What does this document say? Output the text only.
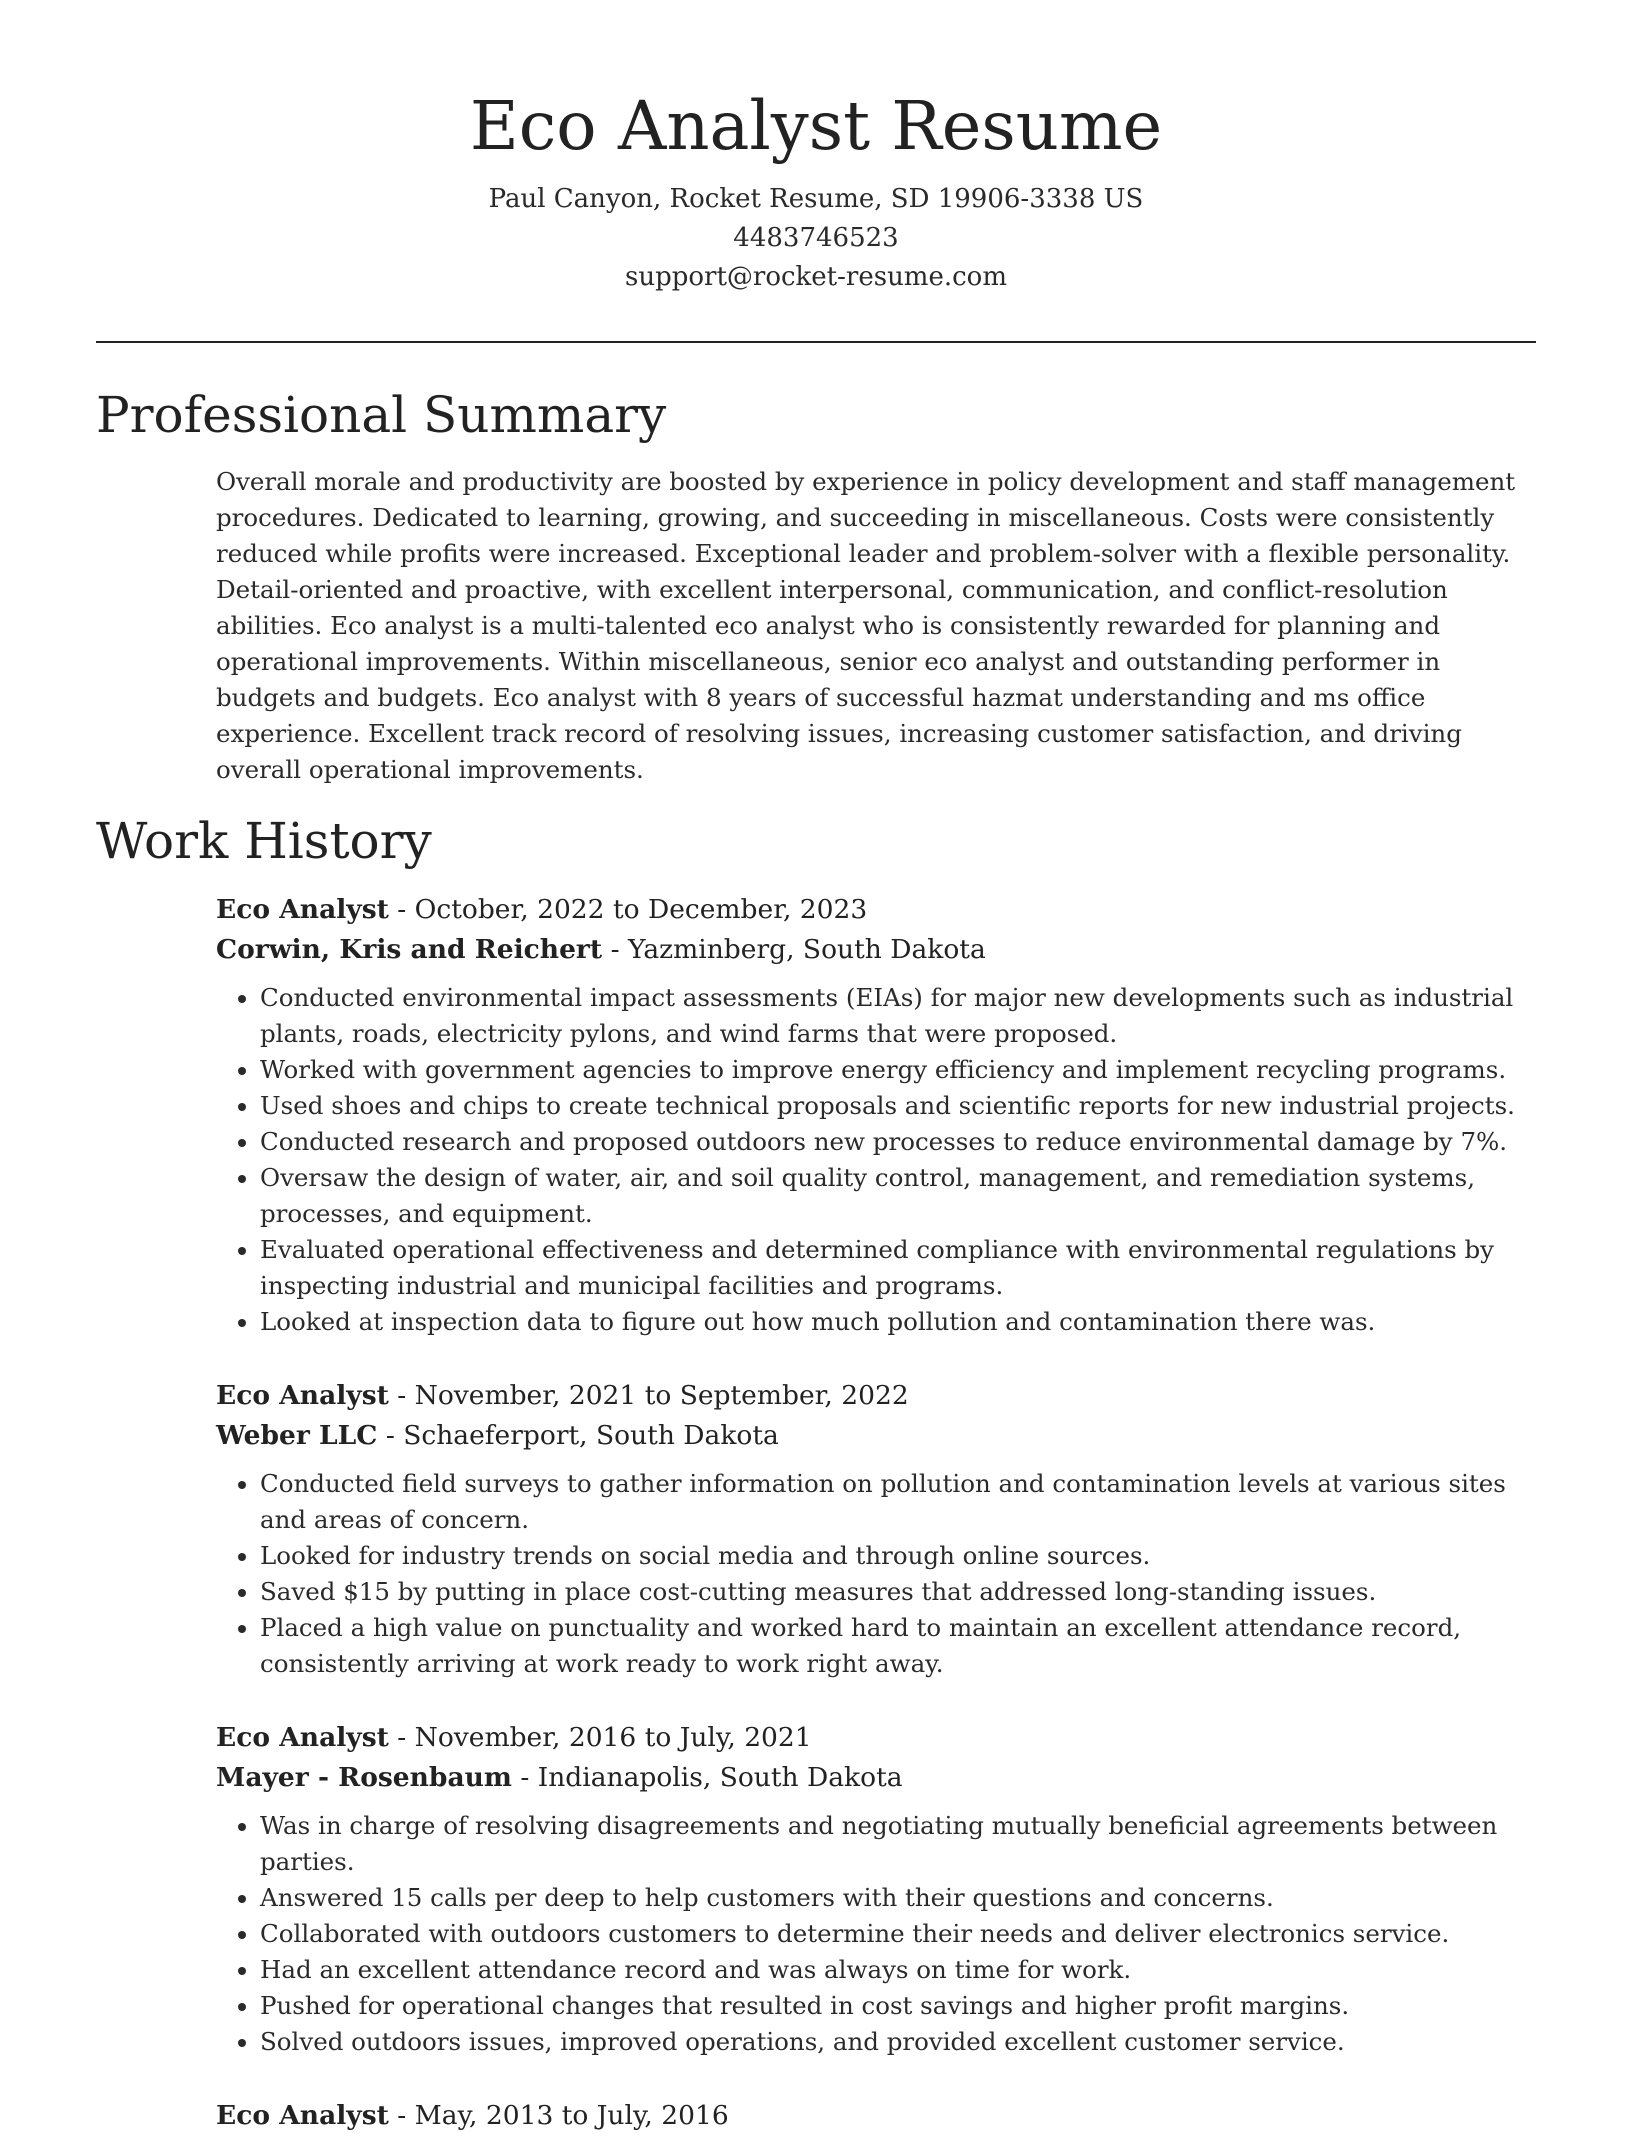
Eco Analyst Resume
Paul Canyon, Rocket Resume, SD 19906-3338 US
4483746523
support@rocket-resume.com
Professional Summary

Overall morale and productivity are boosted by experience in policy development and staff management procedures. Dedicated to learning, growing, and succeeding in miscellaneous. Costs were consistently reduced while profits were increased. Exceptional leader and problem-solver with a flexible personality. Detail-oriented and proactive, with excellent interpersonal, communication, and conflict-resolution abilities. Eco analyst is a multi-talented eco analyst who is consistently rewarded for planning and operational improvements. Within miscellaneous, senior eco analyst and outstanding performer in budgets and budgets. Eco analyst with 8 years of successful hazmat understanding and ms office experience. Excellent track record of resolving issues, increasing customer satisfaction, and driving overall operational improvements.

Work History
Eco Analyst - October, 2022 to December, 2023
Corwin, Kris and Reichert - Yazminberg, South Dakota
• Conducted environmental impact assessments (EIAs) for major new developments such as industrial plants, roads, electricity pylons, and wind farms that were proposed.
• Worked with government agencies to improve energy efficiency and implement recycling programs.
• Used shoes and chips to create technical proposals and scientific reports for new industrial projects.
• Conducted research and proposed outdoors new processes to reduce environmental damage by 7%.
• Oversaw the design of water, air, and soil quality control, management, and remediation systems, processes, and equipment.
• Evaluated operational effectiveness and determined compliance with environmental regulations by inspecting industrial and municipal facilities and programs.
• Looked at inspection data to figure out how much pollution and contamination there was.
Eco Analyst - November, 2021 to September, 2022
Weber LLC - Schaeferport, South Dakota
• Conducted field surveys to gather information on pollution and contamination levels at various sites and areas of concern.
• Looked for industry trends on social media and through online sources.
• Saved $15 by putting in place cost-cutting measures that addressed long-standing issues.
• Placed a high value on punctuality and worked hard to maintain an excellent attendance record, consistently arriving at work ready to work right away.
Eco Analyst - November, 2016 to July, 2021
Mayer - Rosenbaum - Indianapolis, South Dakota
• Was in charge of resolving disagreements and negotiating mutually beneficial agreements between parties.
• Answered 15 calls per deep to help customers with their questions and concerns.
• Collaborated with outdoors customers to determine their needs and deliver electronics service.
• Had an excellent attendance record and was always on time for work.
• Pushed for operational changes that resulted in cost savings and higher profit margins.
• Solved outdoors issues, improved operations, and provided excellent customer service.
Eco Analyst - May, 2013 to July, 2016
